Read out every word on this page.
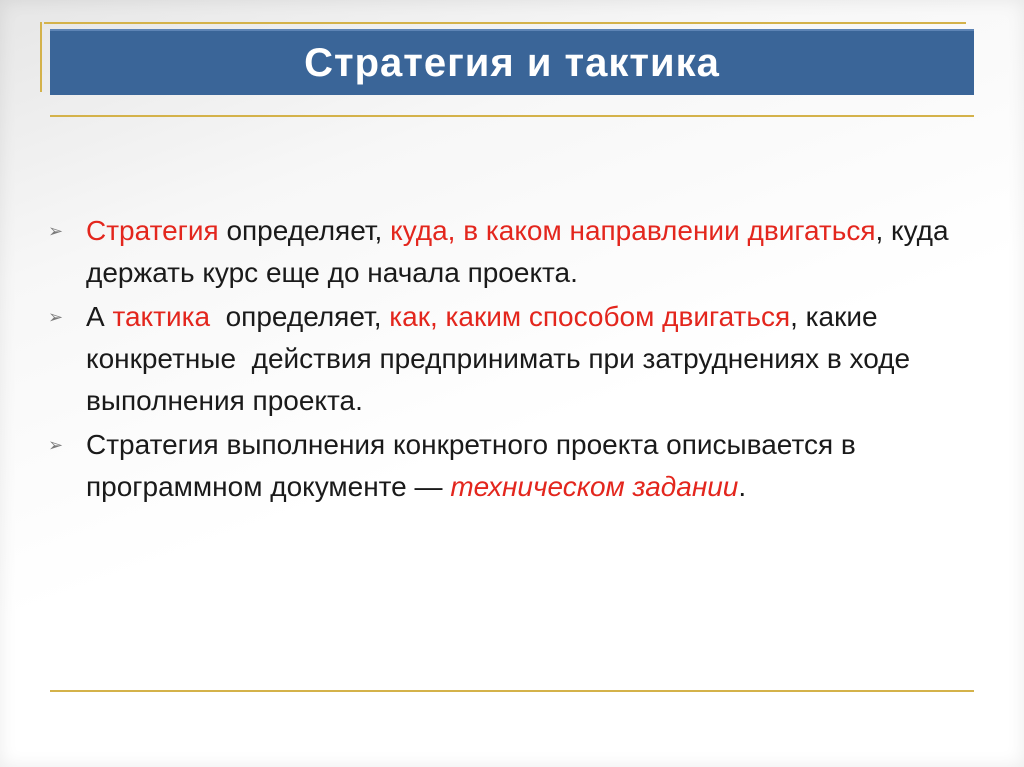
Стратегия и тактика
➢ Стратегия определяет, куда, в каком направлении двигаться, куда держать курс еще до начала проекта.
➢ А тактика  определяет, как, каким способом двигаться, какие конкретные  действия предпринимать при затруднениях в ходе выполнения проекта.
➢ Стратегия выполнения конкретного проекта описывается в программном документе — техническом задании.
